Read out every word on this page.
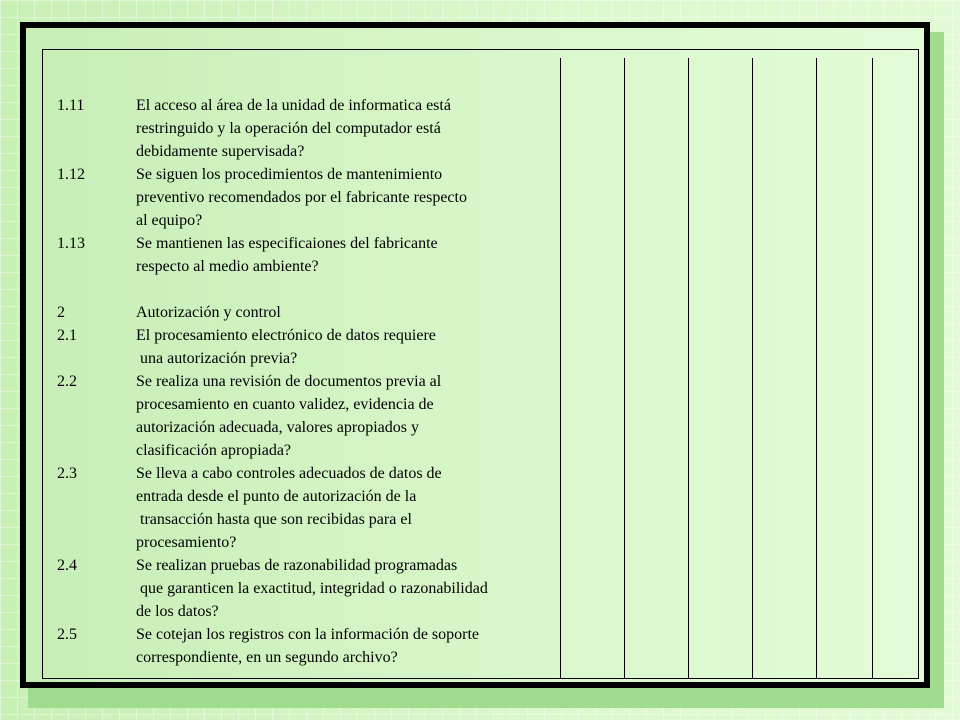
1.11	El acceso al área de la unidad de informatica está
restringuido y la operación del computador está
debidamente supervisada?
1.12	Se siguen los procedimientos de mantenimiento
preventivo recomendados por el fabricante respecto
al equipo?
1.13	Se mantienen las especificaiones del fabricante
respecto al medio ambiente?
2	Autorización y control
2.1	El procesamiento electrónico de datos requiere
una autorización previa?
2.2	Se realiza una revisión de documentos previa al
procesamiento en cuanto validez, evidencia de
autorización adecuada, valores apropiados y
clasificación apropiada?
2.3	Se lleva a cabo controles adecuados de datos de
entrada desde el punto de autorización de la
transacción hasta que son recibidas para el
procesamiento?
2.4	Se realizan pruebas de razonabilidad programadas
que garanticen la exactitud, integridad o razonabilidad
de los datos?
2.5	Se cotejan los registros con la información de soporte
correspondiente, en un segundo archivo?
